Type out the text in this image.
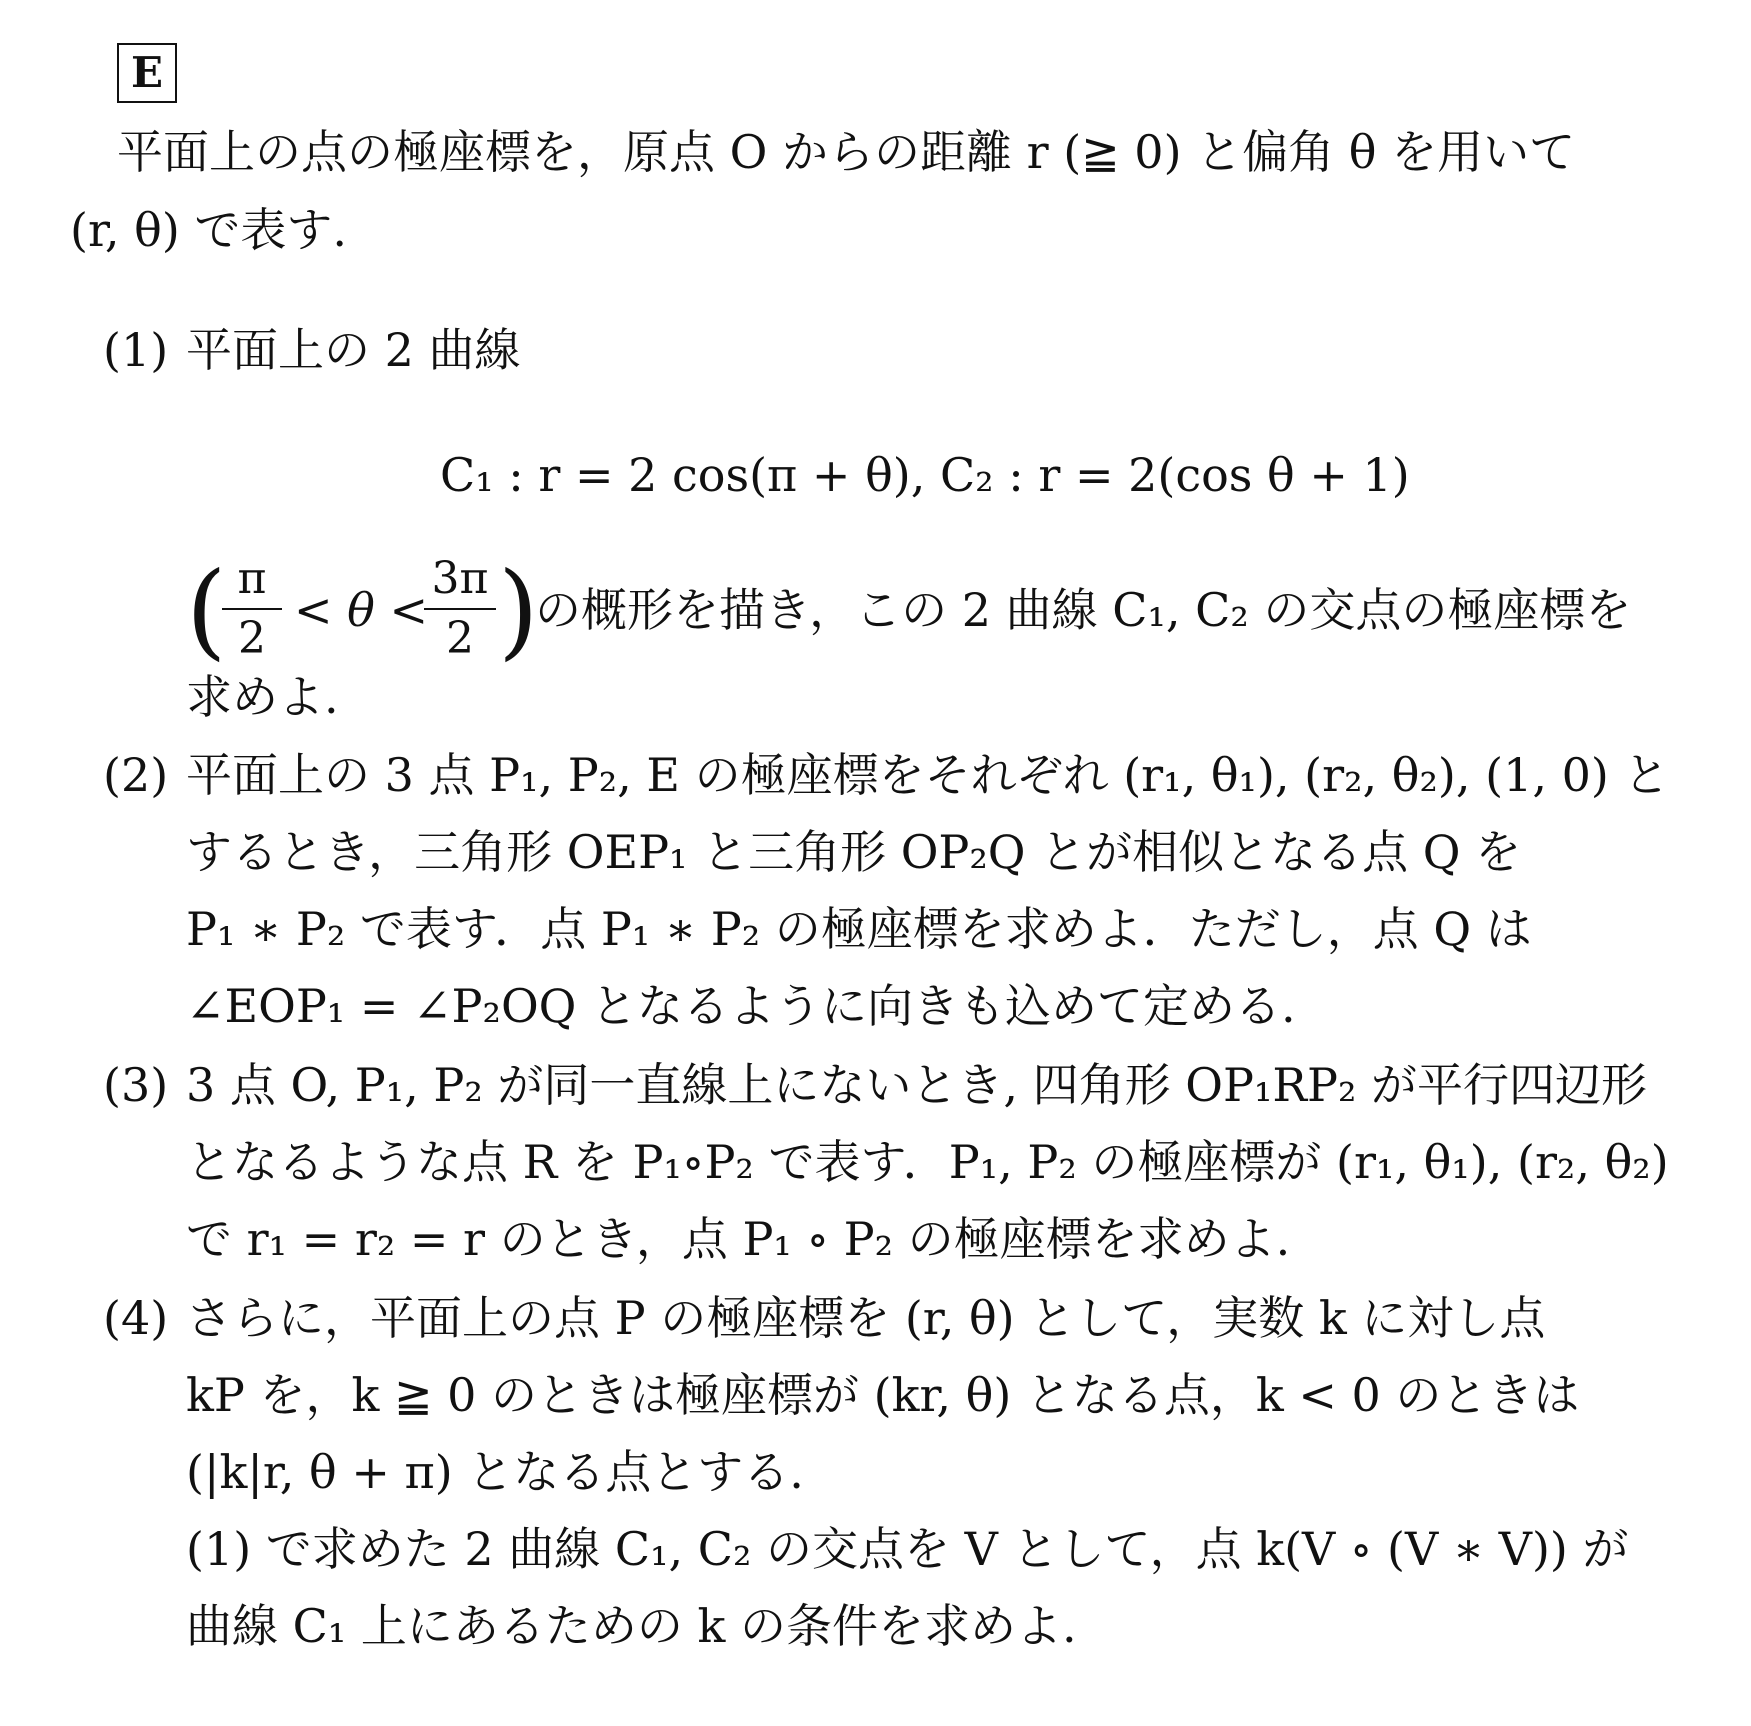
E
平面上の点の極座標を，原点 O からの距離 r (≧ 0) と偏角 θ を用いて
(r, θ) で表す.
(1) 平面上の 2 曲線
C₁ : r = 2 cos(π + θ), C₂ : r = 2(cos θ + 1)
(
$\frac{\pi}{2} < \theta$ <
$\frac{3\pi}{2}$ )
の概形を描き，この 2 曲線 C₁, C₂ の交点の極座標を
求めよ.
(2) 平面上の 3 点 P₁, P₂, E の極座標をそれぞれ (r₁, θ₁), (r₂, θ₂), (1, 0) と
するとき，三角形 OEP₁ と三角形 OP₂Q とが相似となる点 Q を
P₁ ∗ P₂ で表す．点 P₁ ∗ P₂ の極座標を求めよ．ただし，点 Q は
∠EOP₁ = ∠P₂OQ となるように向きも込めて定める.
(3) 3 点 O, P₁, P₂ が同一直線上にないとき, 四角形 OP₁RP₂ が平行四辺形
となるような点 R を P₁∘P₂ で表す．P₁, P₂ の極座標が (r₁, θ₁), (r₂, θ₂)
で r₁ = r₂ = r のとき，点 P₁ ∘ P₂ の極座標を求めよ.
(4) さらに，平面上の点 P の極座標を (r, θ) として，実数 k に対し点
kP を，k ≧ 0 のときは極座標が (kr, θ) となる点，k < 0 のときは
(|k|r, θ + π) となる点とする.
(1) で求めた 2 曲線 C₁, C₂ の交点を V として，点 k(V ∘ (V ∗ V)) が
曲線 C₁ 上にあるための k の条件を求めよ.
